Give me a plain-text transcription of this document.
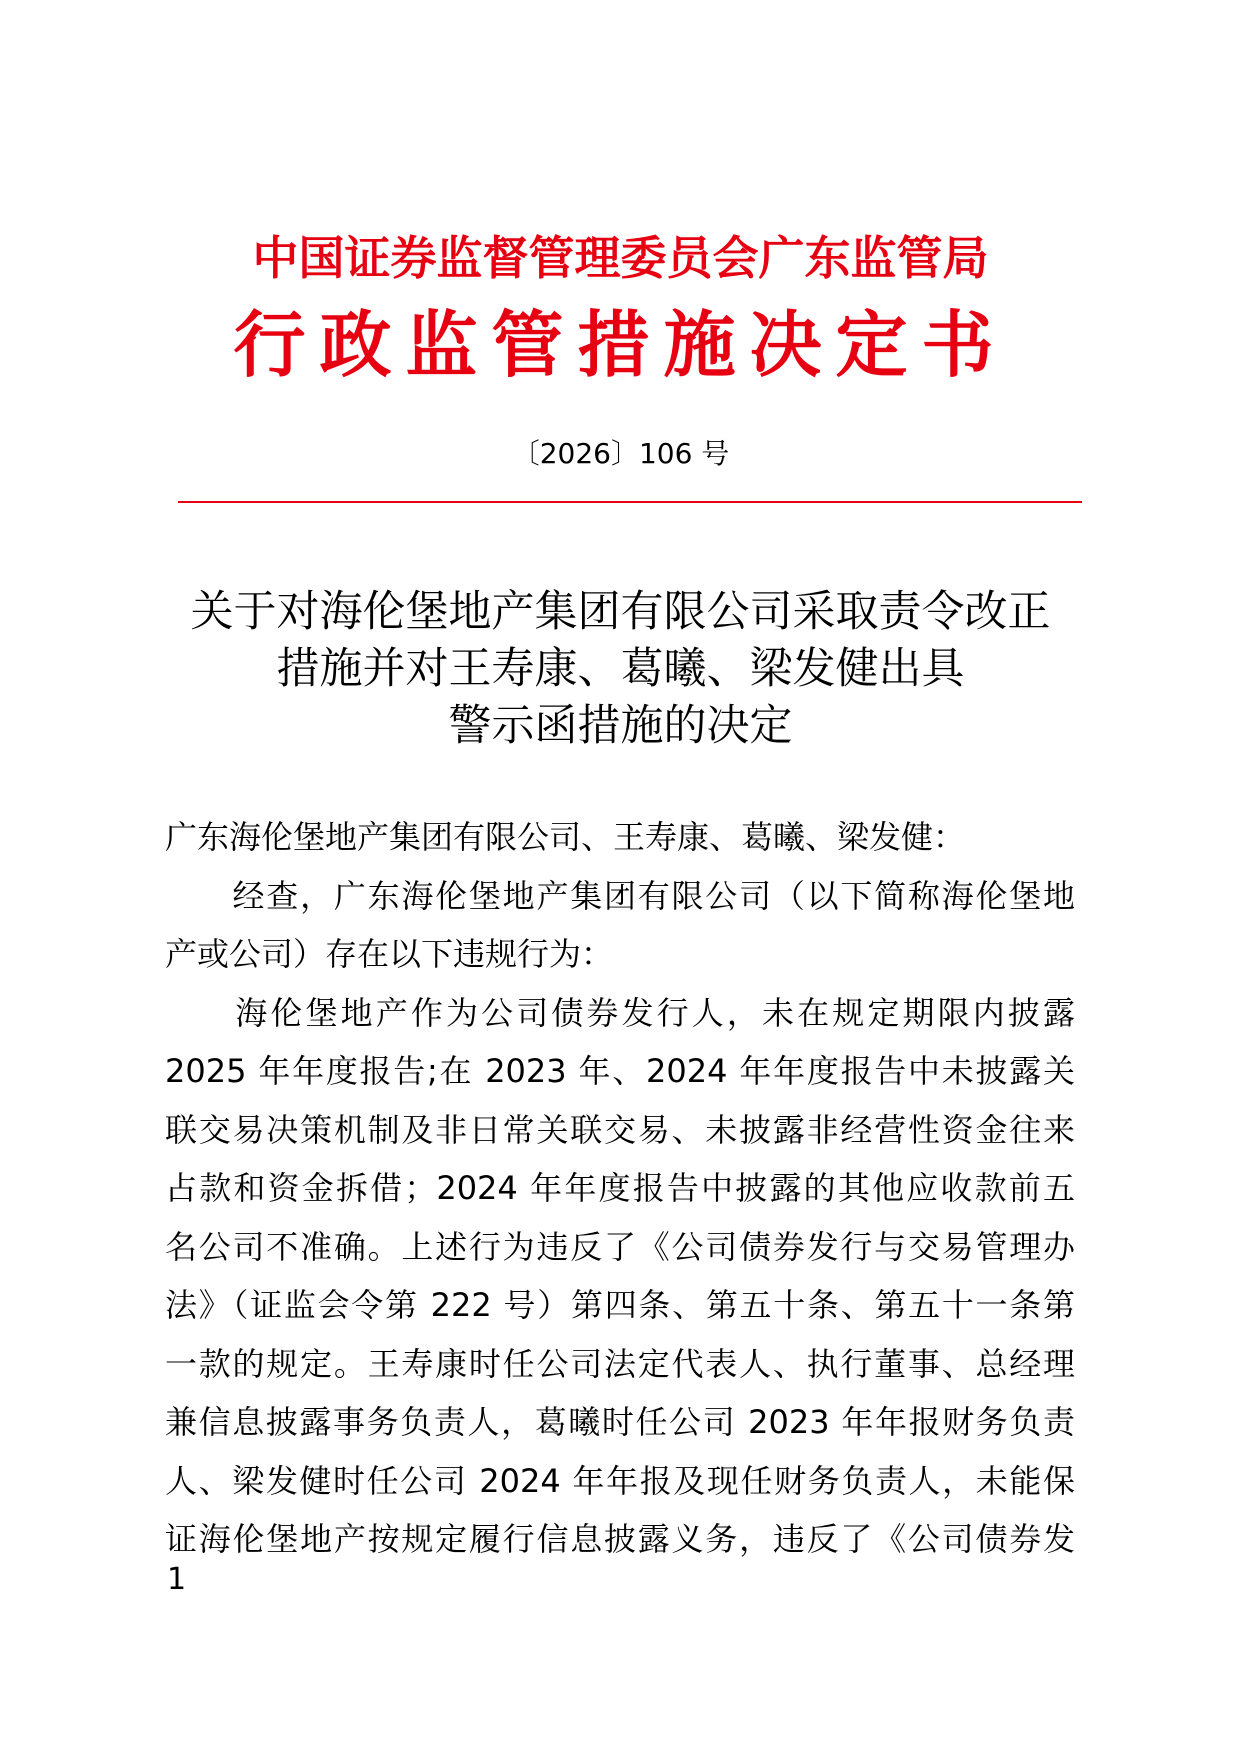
中国证券监督管理委员会广东监管局
行政监管措施决定书
〔2026〕106 号
关于对海伦堡地产集团有限公司采取责令改正
措施并对王寿康、葛曦、梁发健出具
警示函措施的决定
广东海伦堡地产集团有限公司、王寿康、葛曦、梁发健：
　　经查，广东海伦堡地产集团有限公司（以下简称海伦堡地
产或公司）存在以下违规行为：
　　海伦堡地产作为公司债券发行人，未在规定期限内披露
2025 年年度报告;在 2023 年、2024 年年度报告中未披露关
联交易决策机制及非日常关联交易、未披露非经营性资金往来
占款和资金拆借；2024 年年度报告中披露的其他应收款前五
名公司不准确。上述行为违反了《公司债券发行与交易管理办
法》（证监会令第 222 号）第四条、第五十条、第五十一条第
一款的规定。王寿康时任公司法定代表人、执行董事、总经理
兼信息披露事务负责人，葛曦时任公司 2023 年年报财务负责
人、梁发健时任公司 2024 年年报及现任财务负责人，未能保
证海伦堡地产按规定履行信息披露义务，违反了《公司债券发
1
